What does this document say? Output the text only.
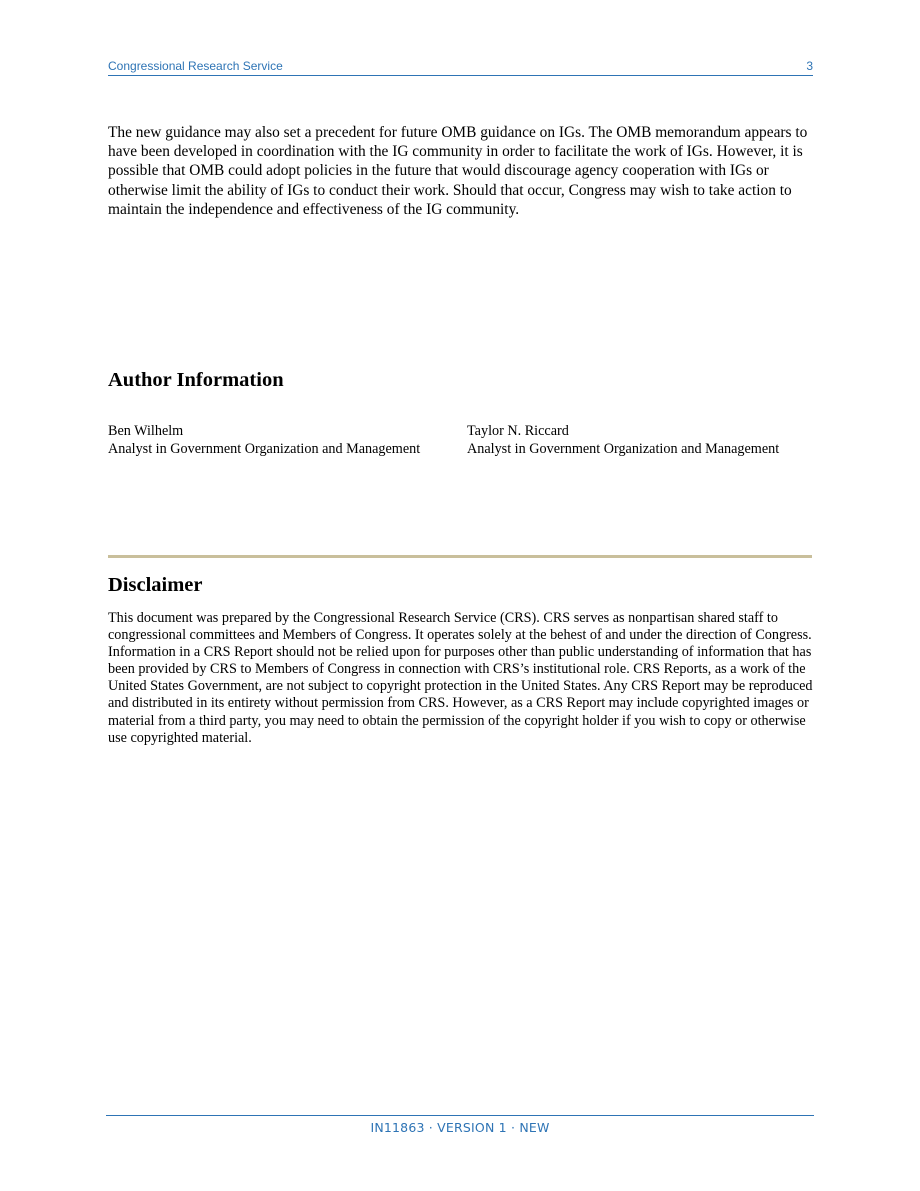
Congressional Research Service	3

The new guidance may also set a precedent for future OMB guidance on IGs. The OMB memorandum appears to have been developed in coordination with the IG community in order to facilitate the work of IGs. However, it is possible that OMB could adopt policies in the future that would discourage agency cooperation with IGs or otherwise limit the ability of IGs to conduct their work. Should that occur, Congress may wish to take action to maintain the independence and effectiveness of the IG community.

Author Information
Ben Wilhelm
Analyst in Government Organization and Management
Taylor N. Riccard
Analyst in Government Organization and Management
Disclaimer

This document was prepared by the Congressional Research Service (CRS). CRS serves as nonpartisan shared staff to congressional committees and Members of Congress. It operates solely at the behest of and under the direction of Congress. Information in a CRS Report should not be relied upon for purposes other than public understanding of information that has been provided by CRS to Members of Congress in connection with CRS’s institutional role. CRS Reports, as a work of the United States Government, are not subject to copyright protection in the United States. Any CRS Report may be reproduced and distributed in its entirety without permission from CRS. However, as a CRS Report may include copyrighted images or material from a third party, you may need to obtain the permission of the copyright holder if you wish to copy or otherwise use copyrighted material.

IN11863 · VERSION 1 · NEW
